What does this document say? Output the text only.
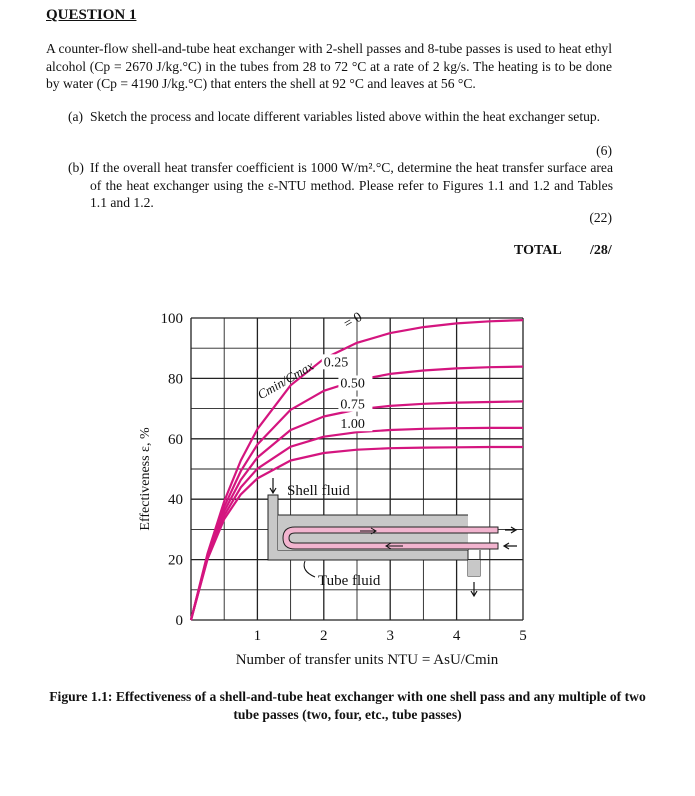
QUESTION 1
A counter-flow shell-and-tube heat exchanger with 2-shell passes and 8-tube passes is used to heat ethyl alcohol (Cp = 2670 J/kg.°C) in the tubes from 28 to 72 °C at a rate of 2 kg/s. The heating is to be done by water (Cp = 4190 J/kg.°C) that enters the shell at 92 °C and leaves at 56 °C.
(a) Sketch the process and locate different variables listed above within the heat exchanger setup.
(6)
(b) If the overall heat transfer coefficient is 1000 W/m².°C, determine the heat transfer surface area of the heat exchanger using the ε-NTU method. Please refer to Figures 1.1 and 1.2 and Tables 1.1 and 1.2.
(22)
TOTAL /28/
Shell fluid
Tube fluid
0
20
40
60
80
100
1	2	3	4	5
= 0
0.25
0.50
0.75
1.00
Cmin/Cmax
Effectiveness ε, %
Number of transfer units NTU = AsU/Cmin
Figure 1.1: Effectiveness of a shell-and-tube heat exchanger with one shell pass and any multiple of two tube passes (two, four, etc., tube passes)
